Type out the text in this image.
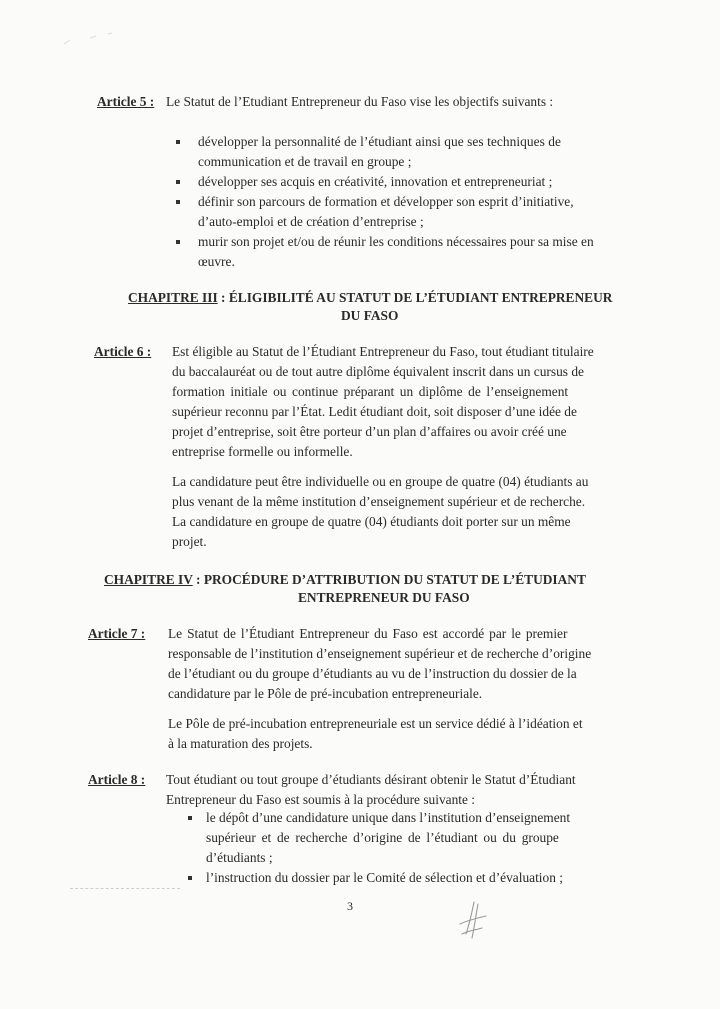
Article 5 : Le Statut de l’Etudiant Entrepreneur du Faso vise les objectifs suivants :
développer la personnalité de l’étudiant ainsi que ses techniques de
communication et de travail en groupe ;
développer ses acquis en créativité, innovation et entrepreneuriat ;
définir son parcours de formation et développer son esprit d’initiative,
d’auto-emploi et de création d’entreprise ;
murir son projet et/ou de réunir les conditions nécessaires pour sa mise en
œuvre.
CHAPITRE III : ÉLIGIBILITÉ AU STATUT DE L’ÉTUDIANT ENTREPRENEUR
DU FASO
Article 6 : Est éligible au Statut de l’Étudiant Entrepreneur du Faso, tout étudiant titulaire
du baccalauréat ou de tout autre diplôme équivalent inscrit dans un cursus de
formation initiale ou continue préparant un diplôme de l’enseignement
supérieur reconnu par l’État. Ledit étudiant doit, soit disposer d’une idée de
projet d’entreprise, soit être porteur d’un plan d’affaires ou avoir créé une
entreprise formelle ou informelle.
La candidature peut être individuelle ou en groupe de quatre (04) étudiants au
plus venant de la même institution d’enseignement supérieur et de recherche.
La candidature en groupe de quatre (04) étudiants doit porter sur un même
projet.
CHAPITRE IV : PROCÉDURE D’ATTRIBUTION DU STATUT DE L’ÉTUDIANT
ENTREPRENEUR DU FASO
Article 7 : Le Statut de l’Étudiant Entrepreneur du Faso est accordé par le premier
responsable de l’institution d’enseignement supérieur et de recherche d’origine
de l’étudiant ou du groupe d’étudiants au vu de l’instruction du dossier de la
candidature par le Pôle de pré-incubation entrepreneuriale.
Le Pôle de pré-incubation entrepreneuriale est un service dédié à l’idéation et
à la maturation des projets.
Article 8 : Tout étudiant ou tout groupe d’étudiants désirant obtenir le Statut d’Étudiant
Entrepreneur du Faso est soumis à la procédure suivante :
le dépôt d’une candidature unique dans l’institution d’enseignement
supérieur et de recherche d’origine de l’étudiant ou du groupe
d’étudiants ;
l’instruction du dossier par le Comité de sélection et d’évaluation ;
3
